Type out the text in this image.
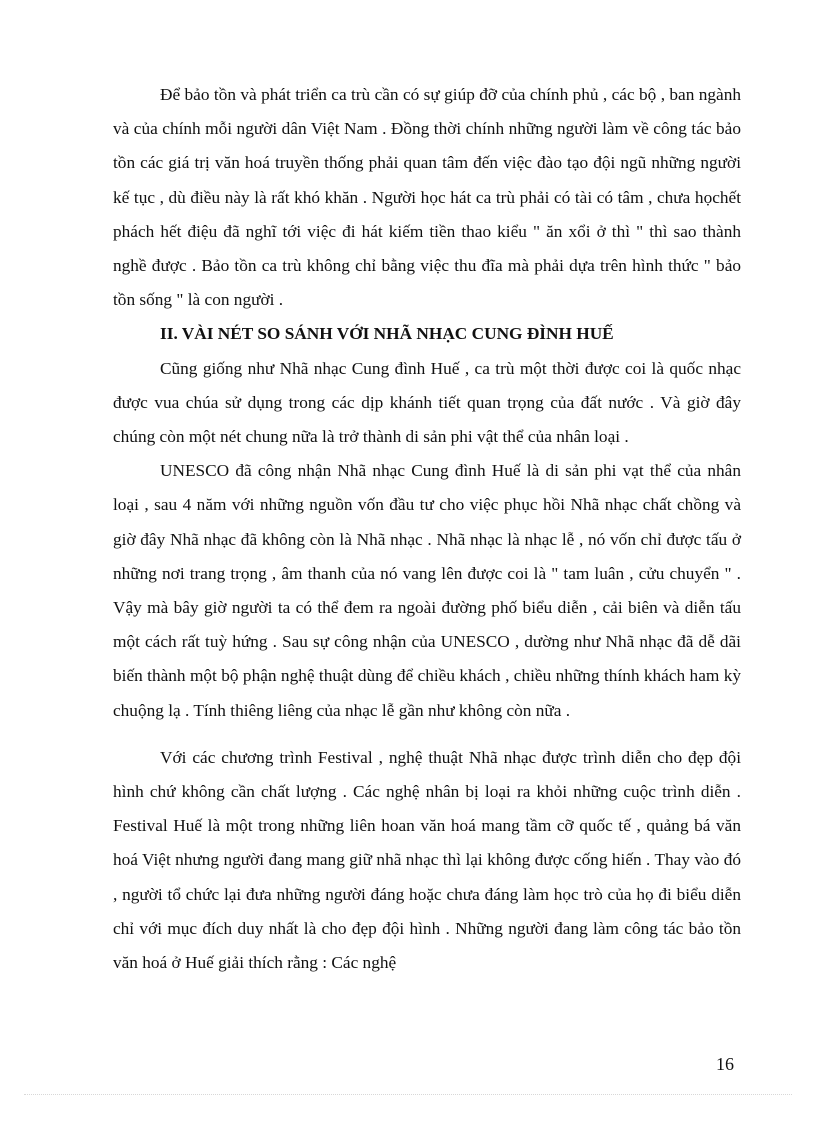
Để bảo tồn và phát triển ca trù cần có sự giúp đỡ của chính phủ , các bộ , ban ngành và của chính mỗi người dân Việt Nam . Đồng thời chính những người làm về công tác bảo tồn các giá trị văn hoá truyền thống phải quan tâm đến việc đào tạo đội ngũ những người kế tục , dù điều này là rất khó khăn . Người học hát ca trù phải có tài có tâm , chưa họchết phách hết điệu đã nghĩ tới việc đi hát kiếm tiền thao kiểu " ăn xổi ở thì " thì sao thành nghề được . Bảo tồn ca trù không chỉ bằng việc thu đĩa mà phải dựa trên hình thức " bảo tồn sống " là con người .

II. VÀI NÉT SO SÁNH VỚI NHÃ NHẠC CUNG ĐÌNH HUẾ

Cũng giống như Nhã nhạc Cung đình Huế , ca trù một thời được coi là quốc nhạc được vua chúa sử dụng trong các dịp khánh tiết quan trọng của đất nước . Và giờ đây chúng còn một nét chung nữa là trở thành di sản phi vật thể của nhân loại .

UNESCO đã công nhận Nhã nhạc Cung đình Huế là di sản phi vạt thể của nhân loại , sau 4 năm với những nguồn vốn đầu tư cho việc phục hồi Nhã nhạc chất chồng và giờ đây Nhã nhạc đã không còn là Nhã nhạc . Nhã nhạc là nhạc lễ , nó vốn chỉ được tấu ở những nơi trang trọng , âm thanh của nó vang lên được coi là " tam luân , cửu chuyển " . Vậy mà bây giờ người ta có thể đem ra ngoài đường phố biểu diễn , cải biên và diễn tấu một cách rất tuỳ hứng . Sau sự công nhận của UNESCO , dường như Nhã nhạc đã dễ dãi biến thành một bộ phận nghệ thuật dùng để chiều khách , chiều những thính khách ham kỳ chuộng lạ . Tính thiêng liêng của nhạc lễ gần như không còn nữa .

Với các chương trình Festival , nghệ thuật Nhã nhạc được trình diễn cho đẹp đội hình chứ không cần chất lượng . Các nghệ nhân bị loại ra khỏi những cuộc trình diễn . Festival Huế là một trong những liên hoan văn hoá mang tầm cỡ quốc tế , quảng bá văn hoá Việt nhưng người đang mang giữ nhã nhạc thì lại không được cống hiến . Thay vào đó , người tổ chức lại đưa những người đáng hoặc chưa đáng làm học trò của họ đi biểu diễn chỉ với mục đích duy nhất là cho đẹp đội hình . Những người đang làm công tác bảo tồn văn hoá ở Huế giải thích rằng : Các nghệ

16
